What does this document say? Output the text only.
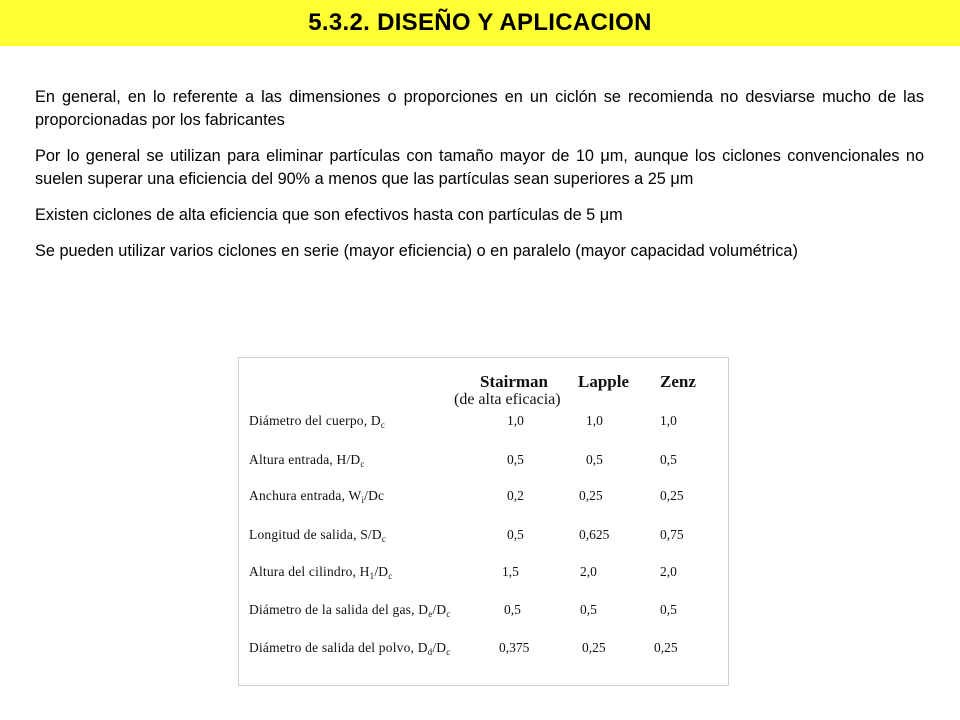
5.3.2. DISEÑO Y APLICACION

En general, en lo referente a las dimensiones o proporciones en un ciclón se recomienda no desviarse mucho de las proporcionadas por los fabricantes

Por lo general se utilizan para eliminar partículas con tamaño mayor de 10 μm, aunque los ciclones convencionales no suelen superar una eficiencia del 90% a menos que las partículas sean superiores a 25 μm

Existen ciclones de alta eficiencia que son efectivos hasta con partículas de 5 μm

Se pueden utilizar varios ciclones en serie (mayor eficiencia) o en paralelo (mayor capacidad volumétrica)

Stairman Lapple Zenz
(de alta eficacia)
Diámetro del cuerpo, $D_c$	1,0	1,0	1,0
Altura entrada, $H/D_c$	0,5	0,5	0,5
Anchura entrada, $W_i/Dc$	0,2	0,25	0,25
Longitud de salida, $S/D_c$	0,5	0,625	0,75
Altura del cilindro, $H_1/D_c$	1,5	2,0	2,0
Diámetro de la salida del gas, $D_e/D_c$	0,5	0,5	0,5
Diámetro de salida del polvo, $D_d/D_c$	0,375	0,25	0,25
